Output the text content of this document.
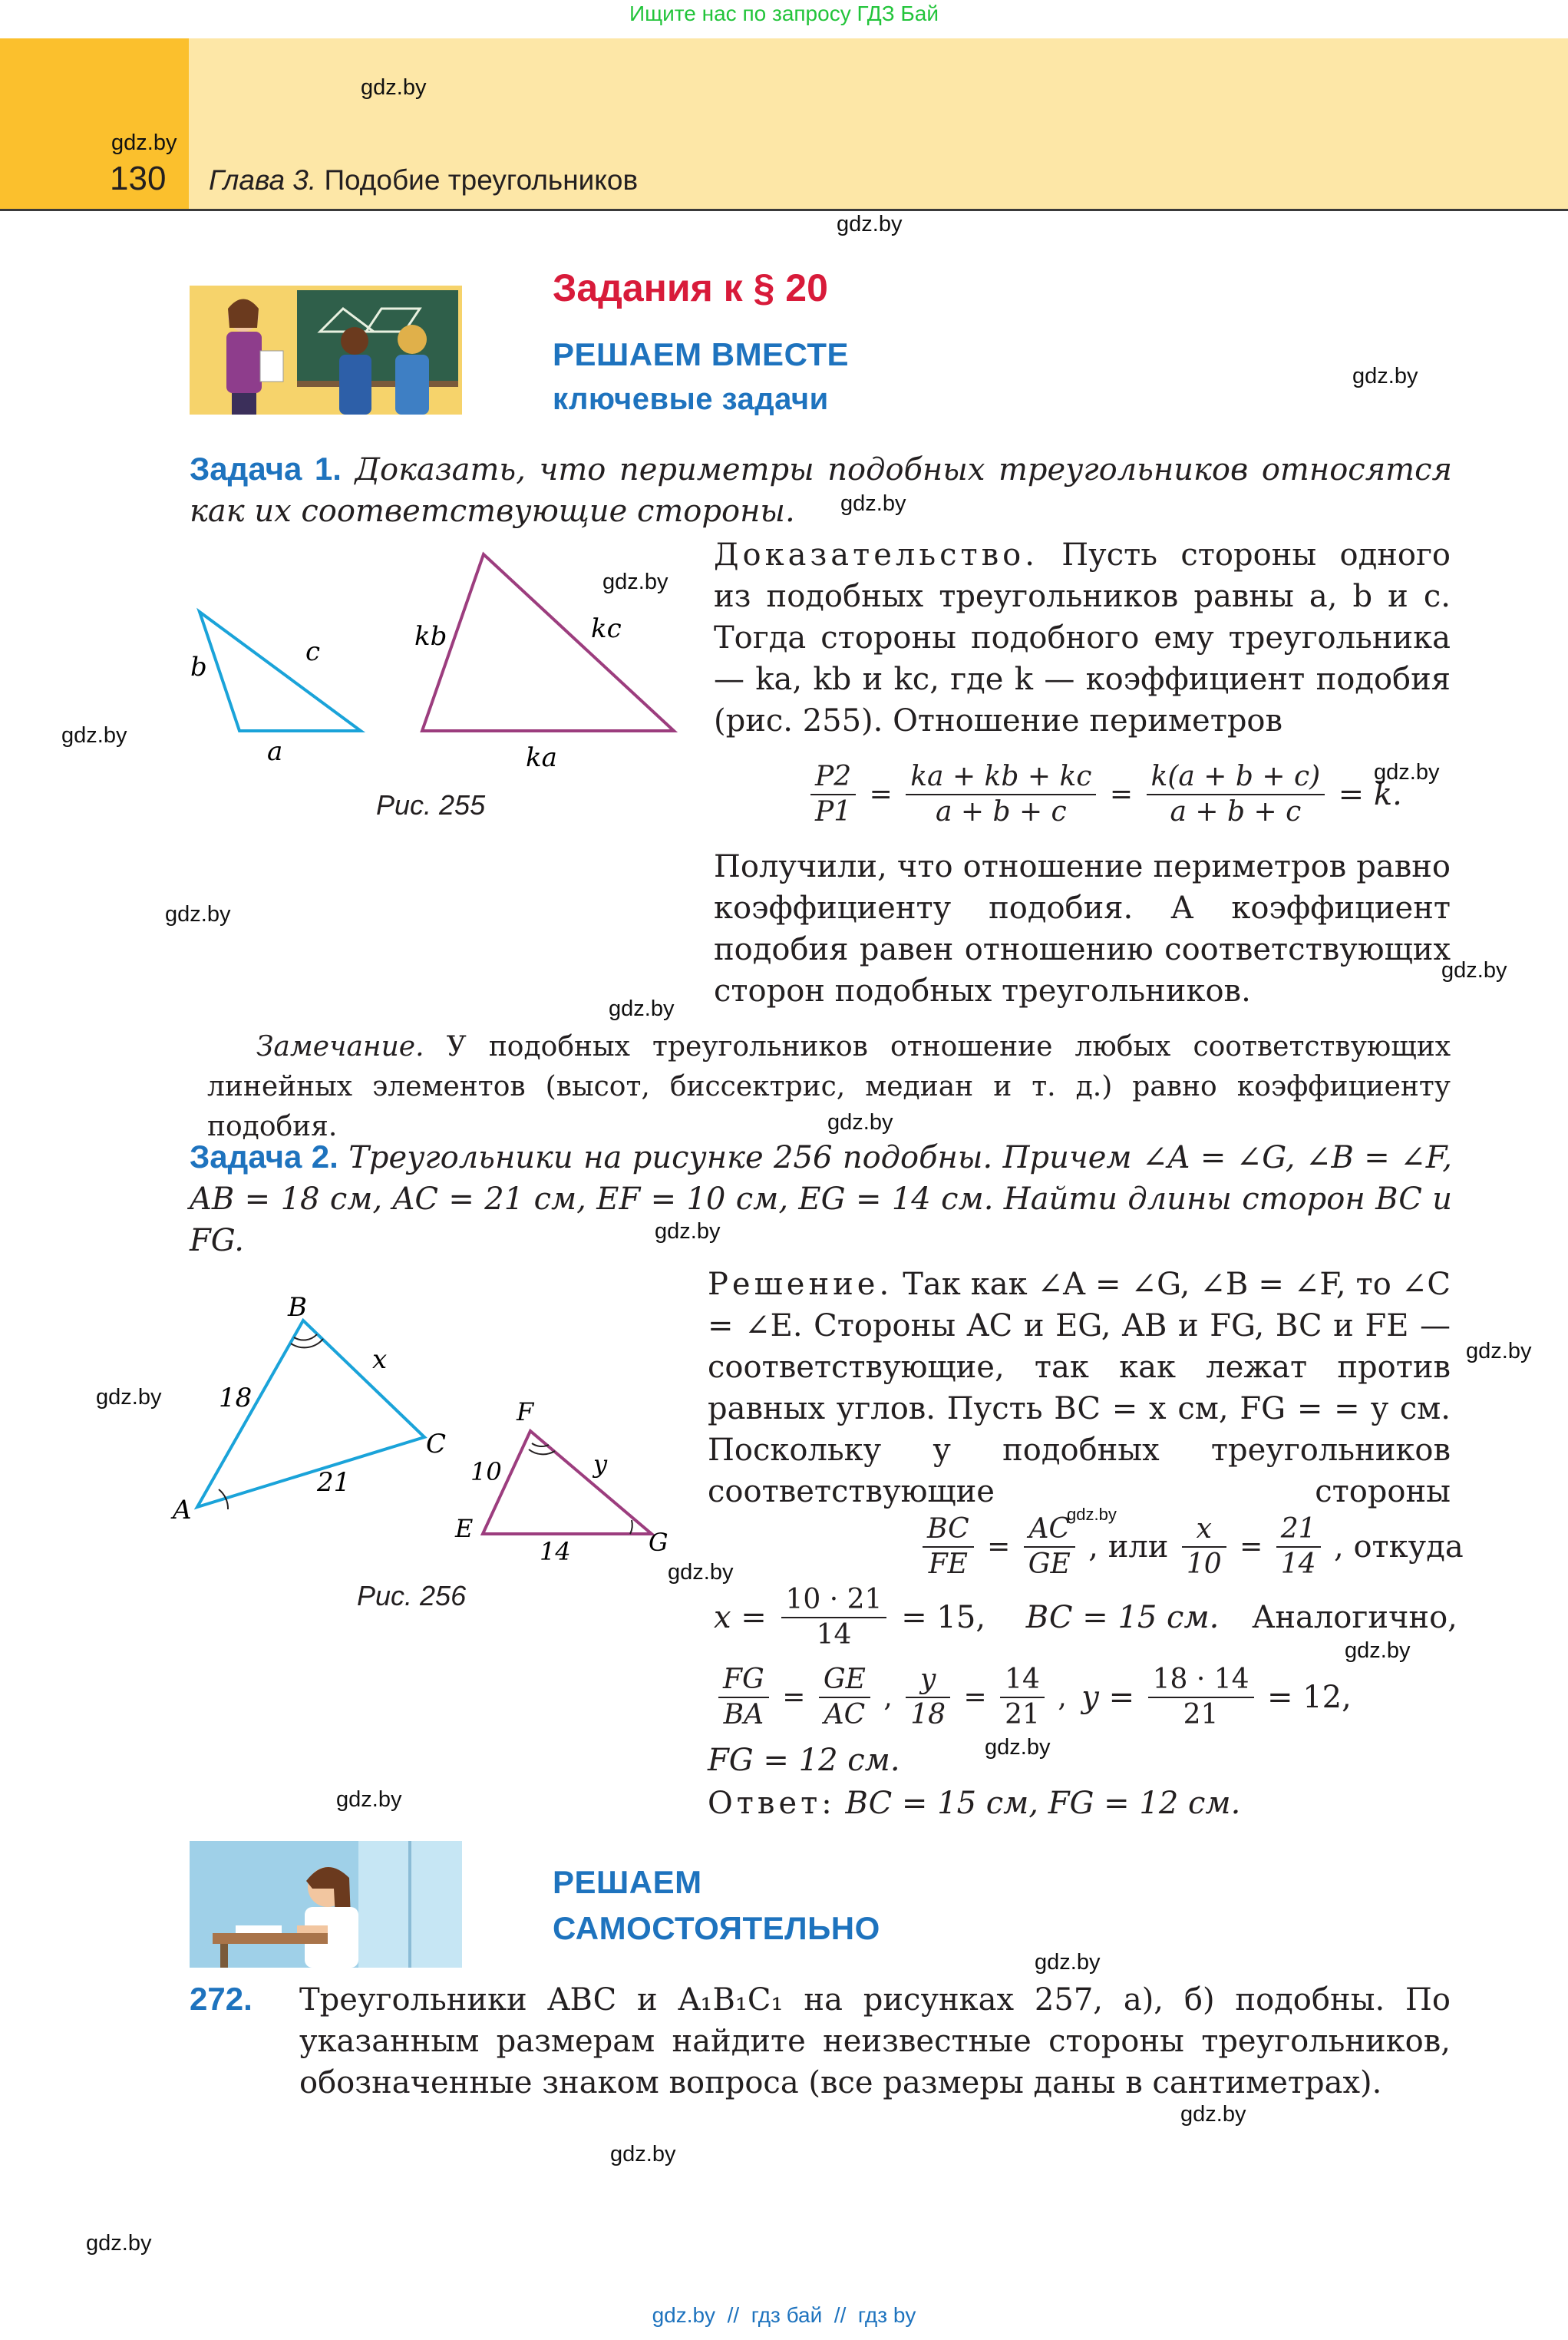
Ищите нас по запросу ГДЗ Бай
130 Глава 3. Подобие треугольников
Задания к § 20
РЕШАЕМ ВМЕСТЕ
ключевые задачи
Задача 1. Доказать, что периметры подобных треугольников относятся как их соответствующие стороны.
b	c
a
kb	kc
ka
Рис. 255
Доказательство. Пусть стороны одного из подобных треугольников равны a, b и c. Тогда стороны подобного ему треугольника — ka, kb и kc, где k — коэффициент подобия (рис. 255). Отношение периметров
$\frac{P2}{P1} = \frac{ka + kb + kc}{a + b + c} = \frac{k(a + b + c)}{a + b + c} = k$.
Получили, что отношение периметров равно коэффициенту подобия. А коэффициент подобия равен отношению соответствующих сторон подобных треугольников.
Замечание. У подобных треугольников отношение любых соответствующих линейных элементов (высот, биссектрис, медиан и т. д.) равно коэффициенту подобия.
Задача 2. Треугольники на рисунке 256 подобны. Причем ∠A = ∠G, ∠B = ∠F, AB = 18 см, AC = 21 см, EF = 10 см, EG = 14 см. Найти длины сторон BC и FG.
B
A
C
x
18
21
F
E	G
y
10
14
Рис. 256
Решение. Так как ∠A = ∠G, ∠B = ∠F, то ∠C = ∠E. Стороны AC и EG, AB и FG, BC и FE — соответствующие, так как лежат против равных углов. Пусть BC = x см, FG = = y см. Поскольку у подобных треугольников соответствующие стороны
$\frac{BC}{FE} = \frac{AC}{GE}$ , или $\frac{x}{10} = \frac{21}{14}$ , откуда
$x = \frac{10 \cdot 21}{14} = 15$, BC = 15 см. Аналогично,
$\frac{FG}{BA} = \frac{GE}{AC}$ , $\frac{y}{18} = \frac{14}{21}$ , $y = \frac{18 \cdot 14}{21} = 12$,
FG = 12 см.
Ответ: BC = 15 см, FG = 12 см.
РЕШАЕМ
САМОСТОЯТЕЛЬНО
272. Треугольники ABC и A₁B₁C₁ на рисунках 257, а), б) подобны. По указанным размерам найдите неизвестные стороны треугольников, обозначенные знаком вопроса (все размеры даны в сантиметрах).
gdz.by
gdz.by
gdz.by
gdz.by
gdz.by
gdz.by
gdz.by
gdz.by
gdz.by
gdz.by
gdz.by
gdz.by
gdz.by
gdz.by
gdz.by
gdz.by
gdz.by
gdz.by
gdz.by
gdz.by
gdz.by
gdz.by
gdz.by
gdz.by
gdz.by  //  гдз бай  //  гдз by
